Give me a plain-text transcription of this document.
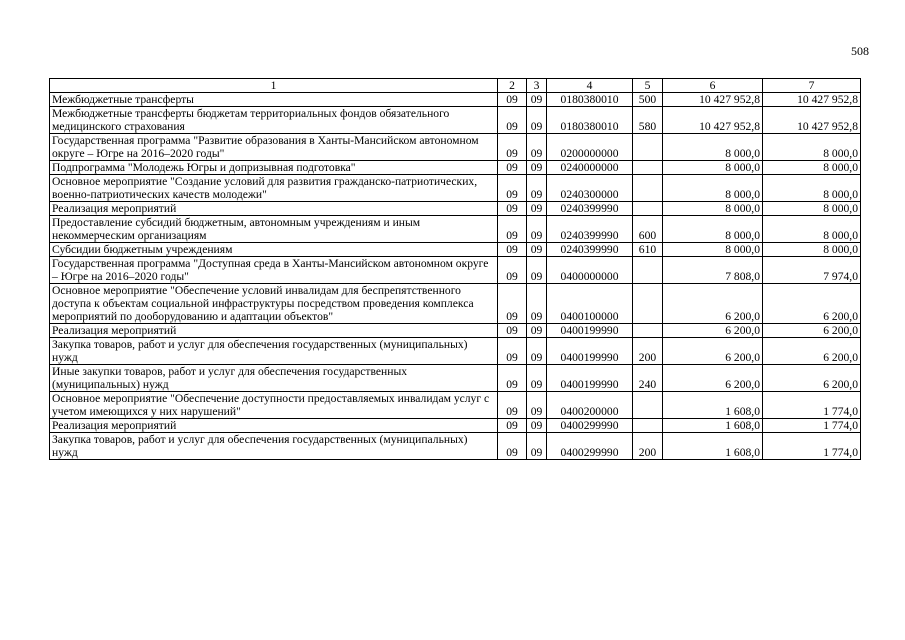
508
1	2	3	4	5	6	7
Межбюджетные трансферты	09	09	0180380010	500	10 427 952,8	10 427 952,8
Межбюджетные трансферты бюджетам территориальных фондов обязательного медицинского страхования	09	09	0180380010	580	10 427 952,8	10 427 952,8
Государственная программа "Развитие образования в Ханты-Мансийском автономном округе – Югре на 2016–2020 годы"	09	09	0200000000		8 000,0	8 000,0
Подпрограмма "Молодежь Югры и допризывная подготовка"	09	09	0240000000		8 000,0	8 000,0
Основное мероприятие "Создание условий для развития гражданско-патриотических, военно-патриотических качеств молодежи"	09	09	0240300000		8 000,0	8 000,0
Реализация мероприятий	09	09	0240399990		8 000,0	8 000,0
Предоставление субсидий бюджетным, автономным учреждениям и иным некоммерческим организациям	09	09	0240399990	600	8 000,0	8 000,0
Субсидии бюджетным учреждениям	09	09	0240399990	610	8 000,0	8 000,0
Государственная программа "Доступная среда в Ханты-Мансийском автономном округе – Югре на 2016–2020 годы"	09	09	0400000000		7 808,0	7 974,0
Основное мероприятие "Обеспечение условий инвалидам для беспрепятственного доступа к объектам социальной инфраструктуры посредством проведения комплекса мероприятий по дооборудованию и адаптации объектов"	09	09	0400100000		6 200,0	6 200,0
Реализация мероприятий	09	09	0400199990		6 200,0	6 200,0
Закупка товаров, работ и услуг для обеспечения государственных (муниципальных) нужд	09	09	0400199990	200	6 200,0	6 200,0
Иные закупки товаров, работ и услуг для обеспечения государственных (муниципальных) нужд	09	09	0400199990	240	6 200,0	6 200,0
Основное мероприятие "Обеспечение доступности предоставляемых инвалидам услуг с учетом имеющихся у них нарушений"	09	09	0400200000		1 608,0	1 774,0
Реализация мероприятий	09	09	0400299990		1 608,0	1 774,0
Закупка товаров, работ и услуг для обеспечения государственных (муниципальных) нужд	09	09	0400299990	200	1 608,0	1 774,0
